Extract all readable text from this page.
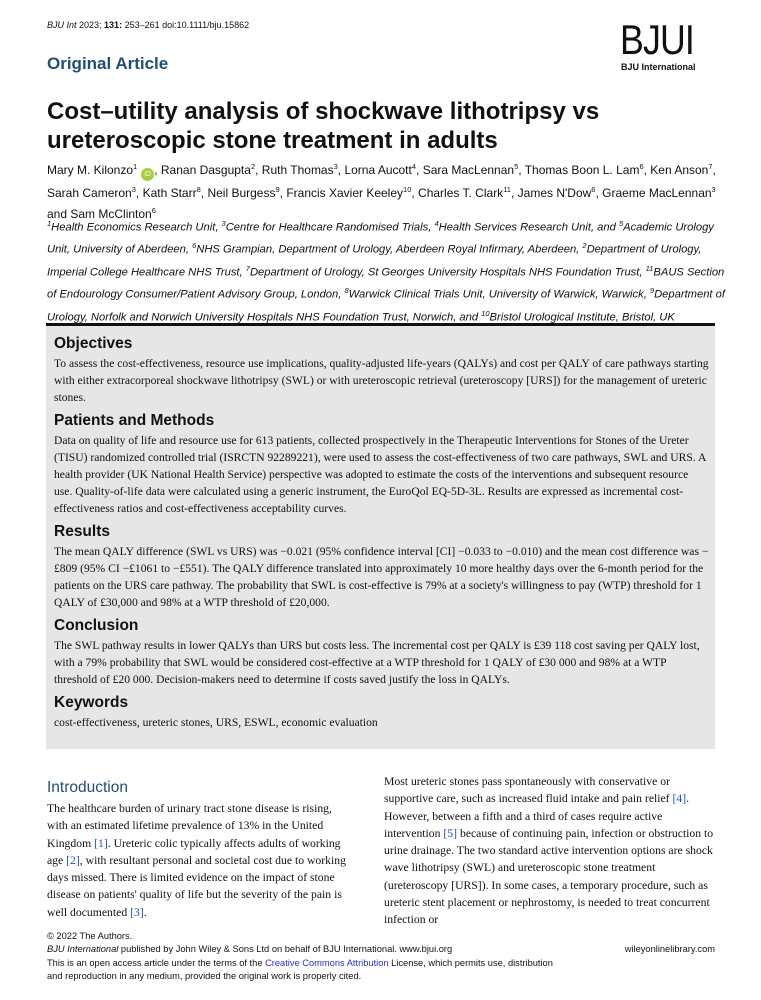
BJU Int 2023; 131: 253–261 doi:10.1111/bju.15862
Original Article
BJUI
BJU International
Cost–utility analysis of shockwave lithotripsy vs ureteroscopic stone treatment in adults
Mary M. Kilonzo$^1$iD , Ranan Dasgupta$^2$, Ruth Thomas$^3$, Lorna Aucott$^4$, Sara MacLennan$^5$, Thomas Boon L. Lam$^6$, Ken Anson$^7$, Sarah Cameron$^3$, Kath Starr$^8$, Neil Burgess$^9$, Francis Xavier Keeley$^{10}$, Charles T. Clark$^{11}$, James N'Dow$^6$, Graeme MacLennan$^3$ and Sam McClinton$^6$
$^1$Health Economics Research Unit, $^3$Centre for Healthcare Randomised Trials, $^4$Health Services Research Unit, and $^5$Academic Urology Unit, University of Aberdeen, $^6$NHS Grampian, Department of Urology, Aberdeen Royal Infirmary, Aberdeen, $^2$Department of Urology, Imperial College Healthcare NHS Trust, $^7$Department of Urology, St Georges University Hospitals NHS Foundation Trust, $^{11}$BAUS Section of Endourology Consumer/Patient Advisory Group, London, $^8$Warwick Clinical Trials Unit, University of Warwick, Warwick, $^9$Department of Urology, Norfolk and Norwich University Hospitals NHS Foundation Trust, Norwich, and $^{10}$Bristol Urological Institute, Bristol, UK
Objectives

To assess the cost-effectiveness, resource use implications, quality-adjusted life-years (QALYs) and cost per QALY of care pathways starting with either extracorporeal shockwave lithotripsy (SWL) or with ureteroscopic retrieval (ureteroscopy [URS]) for the management of ureteric stones.

Patients and Methods

Data on quality of life and resource use for 613 patients, collected prospectively in the Therapeutic Interventions for Stones of the Ureter (TISU) randomized controlled trial (ISRCTN 92289221), were used to assess the cost-effectiveness of two care pathways, SWL and URS. A health provider (UK National Health Service) perspective was adopted to estimate the costs of the interventions and subsequent resource use. Quality-of-life data were calculated using a generic instrument, the EuroQol EQ-5D-3L. Results are expressed as incremental cost-effectiveness ratios and cost-effectiveness acceptability curves.

Results

The mean QALY difference (SWL vs URS) was −0.021 (95% confidence interval [CI] −0.033 to −0.010) and the mean cost difference was −£809 (95% CI −£1061 to −£551). The QALY difference translated into approximately 10 more healthy days over the 6-month period for the patients on the URS care pathway. The probability that SWL is cost-effective is 79% at a society's willingness to pay (WTP) threshold for 1 QALY of £30,000 and 98% at a WTP threshold of £20,000.

Conclusion

The SWL pathway results in lower QALYs than URS but costs less. The incremental cost per QALY is £39 118 cost saving per QALY lost, with a 79% probability that SWL would be considered cost-effective at a WTP threshold for 1 QALY of £30 000 and 98% at a WTP threshold of £20 000. Decision-makers need to determine if costs saved justify the loss in QALYs.

Keywords

cost-effectiveness, ureteric stones, URS, ESWL, economic evaluation

Introduction

The healthcare burden of urinary tract stone disease is rising, with an estimated lifetime prevalence of 13% in the United Kingdom [1]. Ureteric colic typically affects adults of working age [2], with resultant personal and societal cost due to working days missed. There is limited evidence on the impact of stone disease on patients' quality of life but the severity of the pain is well documented [3].

Most ureteric stones pass spontaneously with conservative or supportive care, such as increased fluid intake and pain relief [4]. However, between a fifth and a third of cases require active intervention [5] because of continuing pain, infection or obstruction to urine drainage. The two standard active intervention options are shock wave lithotripsy (SWL) and ureteroscopic stone treatment (ureteroscopy [URS]). In some cases, a temporary procedure, such as ureteric stent placement or nephrostomy, is needed to treat concurrent infection or

© 2022 The Authors.
BJU International published by John Wiley & Sons Ltd on behalf of BJU International. www.bjui.org	wileyonlinelibrary.com
This is an open access article under the terms of the Creative Commons Attribution License, which permits use, distribution and reproduction in any medium, provided the original work is properly cited.
